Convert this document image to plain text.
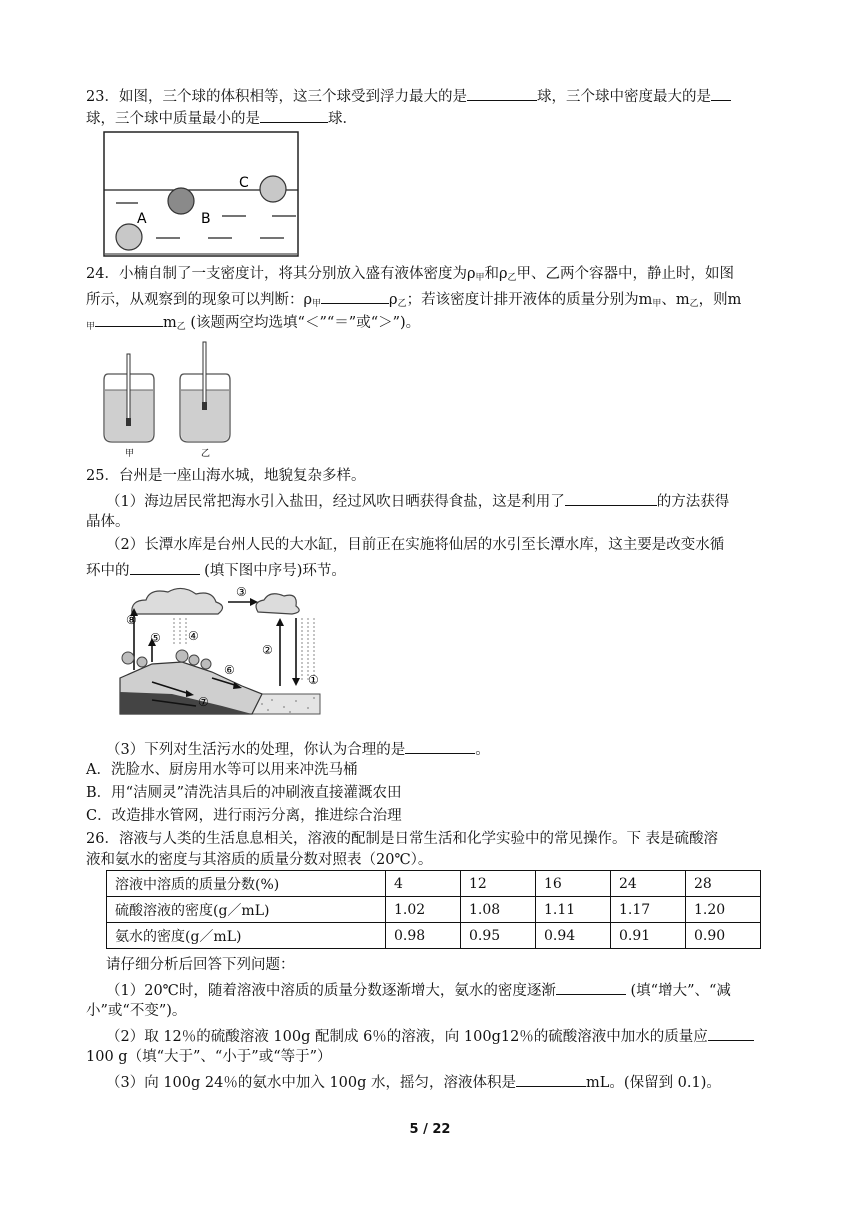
23．如图，三个球的体积相等，这三个球受到浮力最大的是	球，三个球中密度最大的是
球，三个球中质量最小的是	球．
A	B
C
24．小楠自制了一支密度计，将其分别放入盛有液体密度为$\rho_甲$和$\rho_乙$甲、乙两个容器中，静止时，如图
所示，从观察到的现象可以判断：$\rho_甲$	$\rho_乙$；若该密度计排开液体的质量分别为$m_甲$、$m_乙$，则m
$_甲$	$m_乙$ (该题两空均选填“＜”“＝”或“＞”)。
甲	乙
25．台州是一座山海水城，地貌复杂多样。
（1）海边居民常把海水引入盐田，经过风吹日晒获得食盐，这是利用了	的方法获得
晶体。
（2）长潭水库是台州人民的大水缸，目前正在实施将仙居的水引至长潭水库，这主要是改变水循
环中的	(填下图中序号)环节。
⑧
⑤ ④
③
②
①
⑥
⑦
（3）下列对生活污水的处理，你认为合理的是	。
A．洗脸水、厨房用水等可以用来冲洗马桶
B．用“洁厕灵”清洗洁具后的冲刷液直接灌溉农田
C．改造排水管网，进行雨污分离，推进综合治理
26．溶液与人类的生活息息相关，溶液的配制是日常生活和化学实验中的常见操作。下 表是硫酸溶
液和氨水的密度与其溶质的质量分数对照表（20℃）。
溶液中溶质的质量分数(%)	4	12	16	24	28
硫酸溶液的密度(g／mL)	1.02	1.08	1.11	1.17	1.20
氨水的密度(g／mL)	0.98	0.95	0.94	0.91	0.90
请仔细分析后回答下列问题：
（1）20℃时，随着溶液中溶质的质量分数逐渐增大，氨水的密度逐渐	(填“增大”、“减
小”或“不变”)。
（2）取 12％的硫酸溶液 100g 配制成 6％的溶液，向 100g12％的硫酸溶液中加水的质量应
100 g（填“大于”、“小于”或“等于”）
（3）向 100g 24％的氨水中加入 100g 水，摇匀，溶液体积是	mL。(保留到 0.1)。
5 / 22
